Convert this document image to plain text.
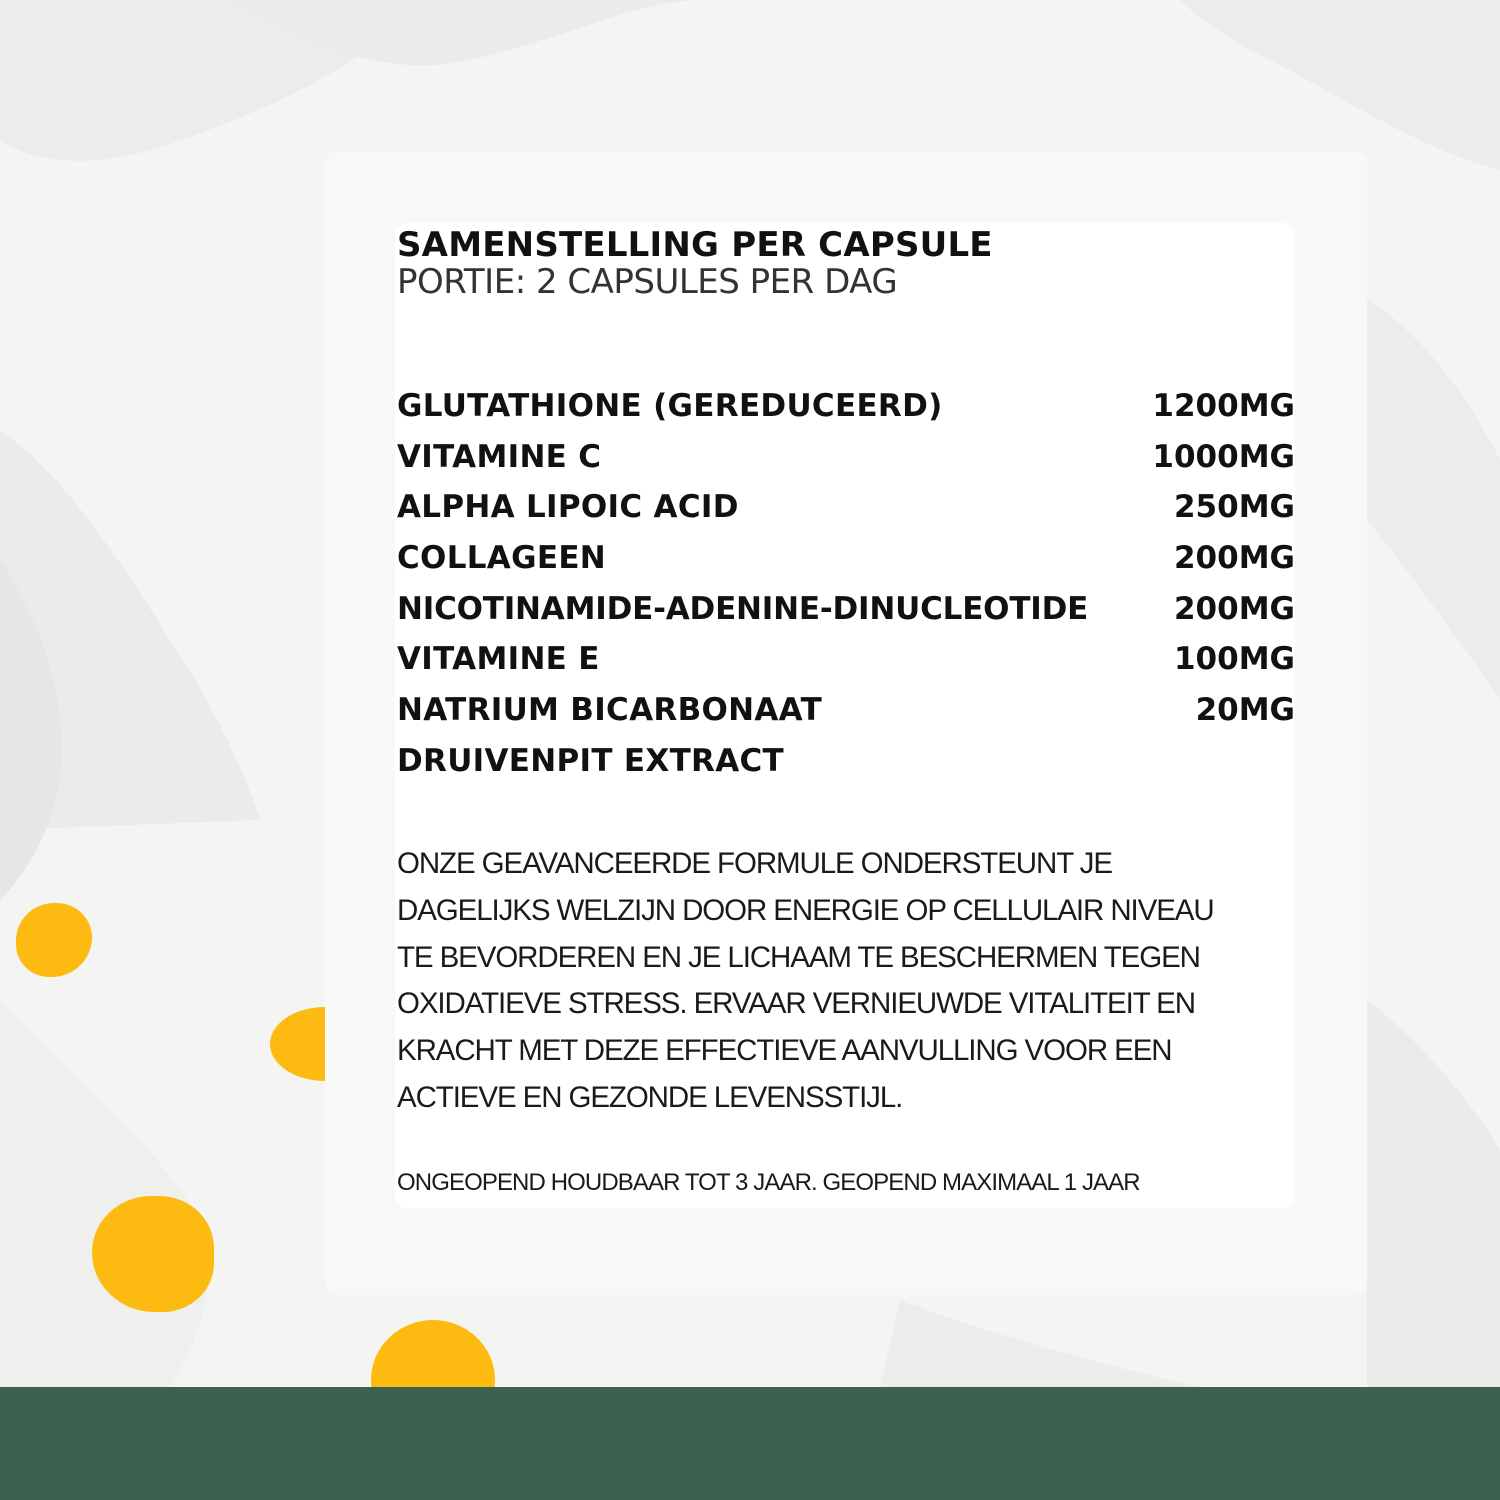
SAMENSTELLING PER CAPSULE
PORTIE: 2 CAPSULES PER DAG
GLUTATHIONE (GEREDUCEERD)	1200MG
VITAMINE C	1000MG
ALPHA LIPOIC ACID	250MG
COLLAGEEN	200MG
NICOTINAMIDE-ADENINE-DINUCLEOTIDE	200MG
VITAMINE E	100MG
NATRIUM BICARBONAAT	20MG
DRUIVENPIT EXTRACT
ONZE GEAVANCEERDE FORMULE ONDERSTEUNT JE
DAGELIJKS WELZIJN DOOR ENERGIE OP CELLULAIR NIVEAU
TE BEVORDEREN EN JE LICHAAM TE BESCHERMEN TEGEN
OXIDATIEVE STRESS. ERVAAR VERNIEUWDE VITALITEIT EN
KRACHT MET DEZE EFFECTIEVE AANVULLING VOOR EEN
ACTIEVE EN GEZONDE LEVENSSTIJL.
ONGEOPEND HOUDBAAR TOT 3 JAAR. GEOPEND MAXIMAAL 1 JAAR
